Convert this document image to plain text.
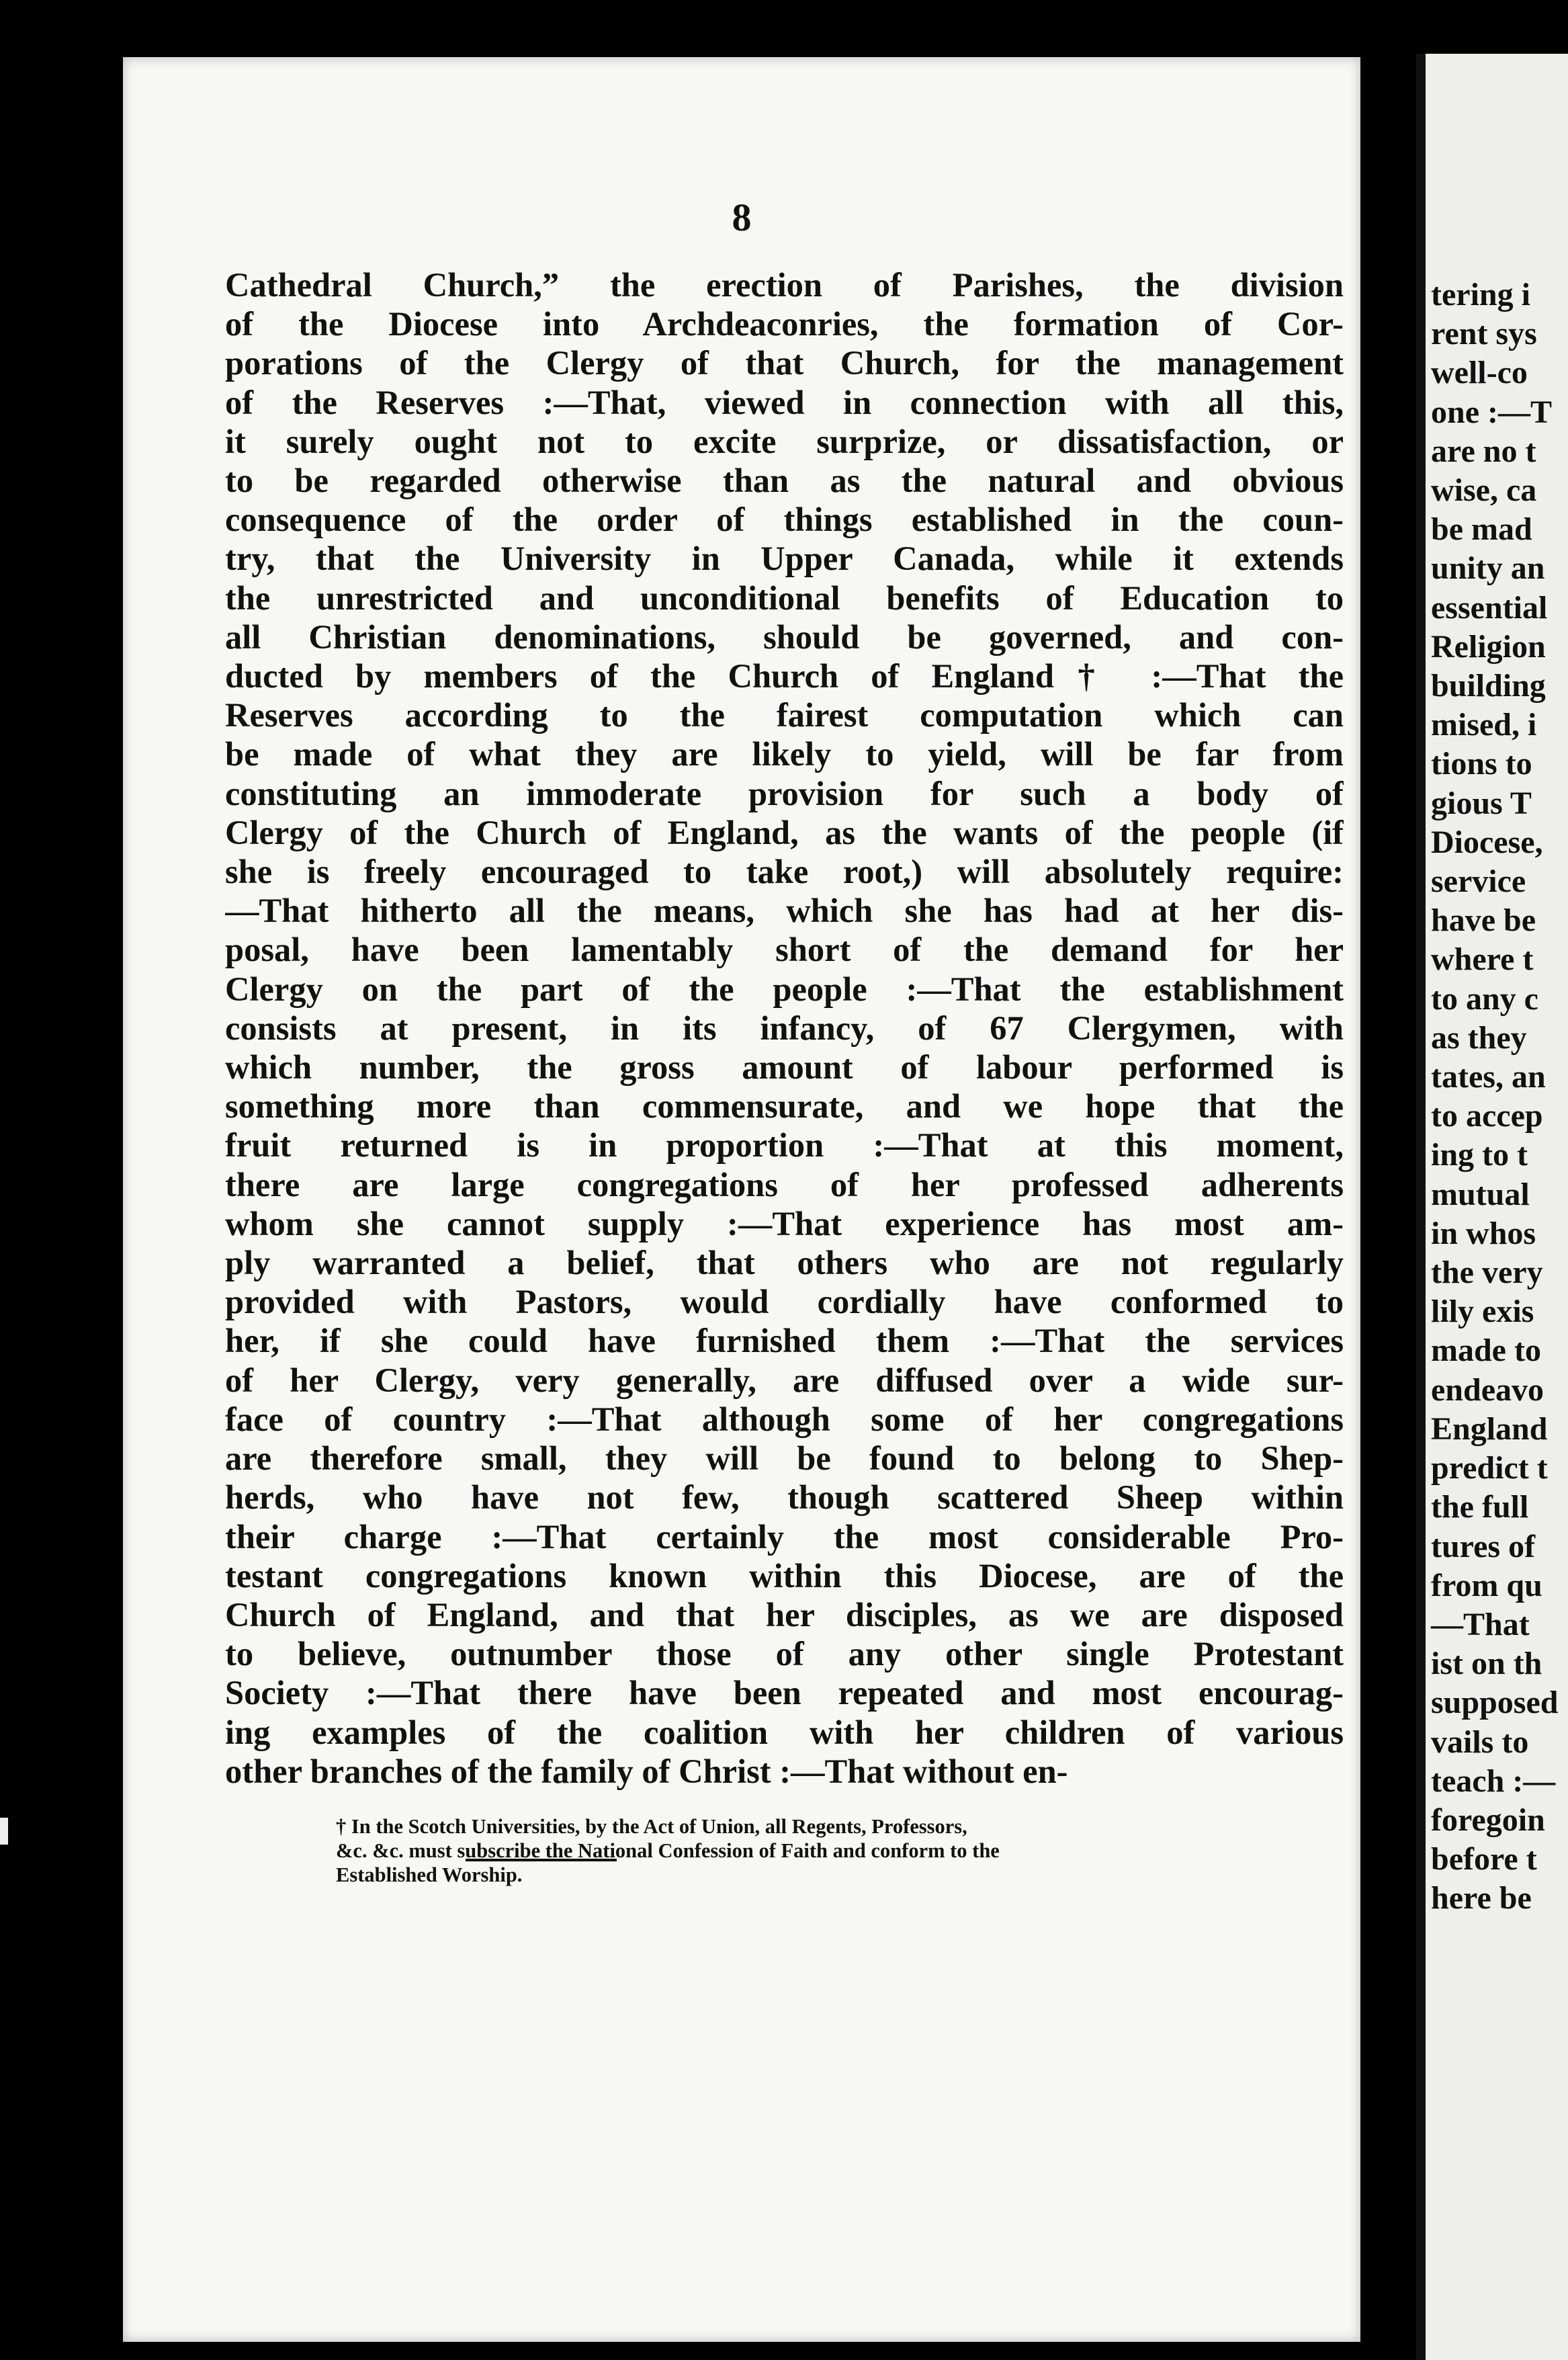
8
Cathedral Church,” the erection of Parishes, the division
of the Diocese into Archdeaconries, the formation of Cor-
porations of the Clergy of that Church, for the management
of the Reserves :—That, viewed in connection with all this,
it surely ought not to excite surprize, or dissatisfaction, or
to be regarded otherwise than as the natural and obvious
consequence of the order of things established in the coun-
try, that the University in Upper Canada, while it extends
the unrestricted and unconditional benefits of Education to
all Christian denominations, should be governed, and con-
ducted by members of the Church of England† :—That the
Reserves according to the fairest computation which can
be made of what they are likely to yield, will be far from
constituting an immoderate provision for such a body of
Clergy of the Church of England, as the wants of the people (if
she is freely encouraged to take root,) will absolutely require:
—That hitherto all the means, which she has had at her dis-
posal, have been lamentably short of the demand for her
Clergy on the part of the people :—That the establishment
consists at present, in its infancy, of 67 Clergymen, with
which number, the gross amount of labour performed is
something more than commensurate, and we hope that the
fruit returned is in proportion :—That at this moment,
there are large congregations of her professed adherents
whom she cannot supply :—That experience has most am-
ply warranted a belief, that others who are not regularly
provided with Pastors, would cordially have conformed to
her, if she could have furnished them :—That the services
of her Clergy, very generally, are diffused over a wide sur-
face of country :—That although some of her congregations
are therefore small, they will be found to belong to Shep-
herds, who have not few, though scattered Sheep within
their charge :—That certainly the most considerable Pro-
testant congregations known within this Diocese, are of the
Church of England, and that her disciples, as we are disposed
to believe, outnumber those of any other single Protestant
Society :—That there have been repeated and most encourag-
ing examples of the coalition with her children of various
other branches of the family of Christ :—That without en-
† In the Scotch Universities, by the Act of Union, all Regents, Professors,
&c. &c. must subscribe the National Confession of Faith and conform to the
Established Worship.
tering i
rent sys
well-co
one :—T
are no t
wise, ca
be mad
unity an
essential
Religion
building
mised, i
tions to
gious T
Diocese,
service
have be
where t
to any c
as they
tates, an
to accep
ing to t
mutual
in whos
the very
lily exis
made to
endeavo
England
predict t
the full
tures of
from qu
—That
ist on th
supposed
vails to
teach :—
foregoin
before t
here be
